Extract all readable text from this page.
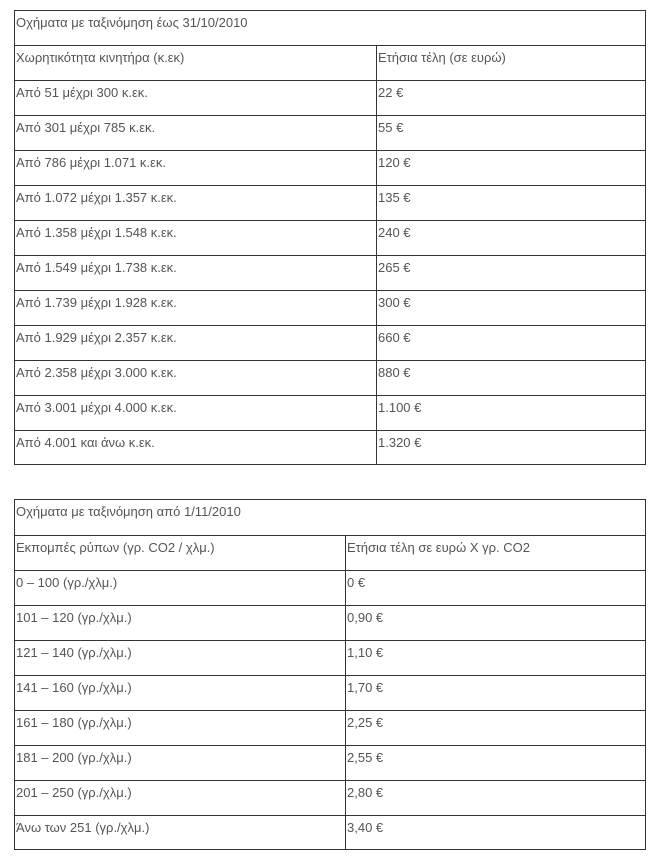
Οχήματα με ταξινόμηση έως 31/10/2010	
Χωρητικότητα κινητήρα (κ.εκ)	Ετήσια τέλη (σε ευρώ)
Από 51 μέχρι 300 κ.εκ.	22 €
Από 301 μέχρι 785 κ.εκ.	55 €
Από 786 μέχρι 1.071 κ.εκ.	120 €
Από 1.072 μέχρι 1.357 κ.εκ.	135 €
Από 1.358 μέχρι 1.548 κ.εκ.	240 €
Από 1.549 μέχρι 1.738 κ.εκ.	265 €
Από 1.739 μέχρι 1.928 κ.εκ.	300 €
Από 1.929 μέχρι 2.357 κ.εκ.	660 €
Από 2.358 μέχρι 3.000 κ.εκ.	880 €
Από 3.001 μέχρι 4.000 κ.εκ.	1.100 €
Από 4.001 και άνω κ.εκ.	1.320 €
Οχήματα με ταξινόμηση από 1/11/2010	
Εκπομπές ρύπων (γρ. CO2 / χλμ.)	Ετήσια τέλη σε ευρώ Χ γρ. CO2
0 – 100 (γρ./χλμ.)	0 €
101 – 120 (γρ./χλμ.)	0,90 €
121 – 140 (γρ./χλμ.)	1,10 €
141 – 160 (γρ./χλμ.)	1,70 €
161 – 180 (γρ./χλμ.)	2,25 €
181 – 200 (γρ./χλμ.)	2,55 €
201 – 250 (γρ./χλμ.)	2,80 €
Άνω των 251 (γρ./χλμ.)	3,40 €
